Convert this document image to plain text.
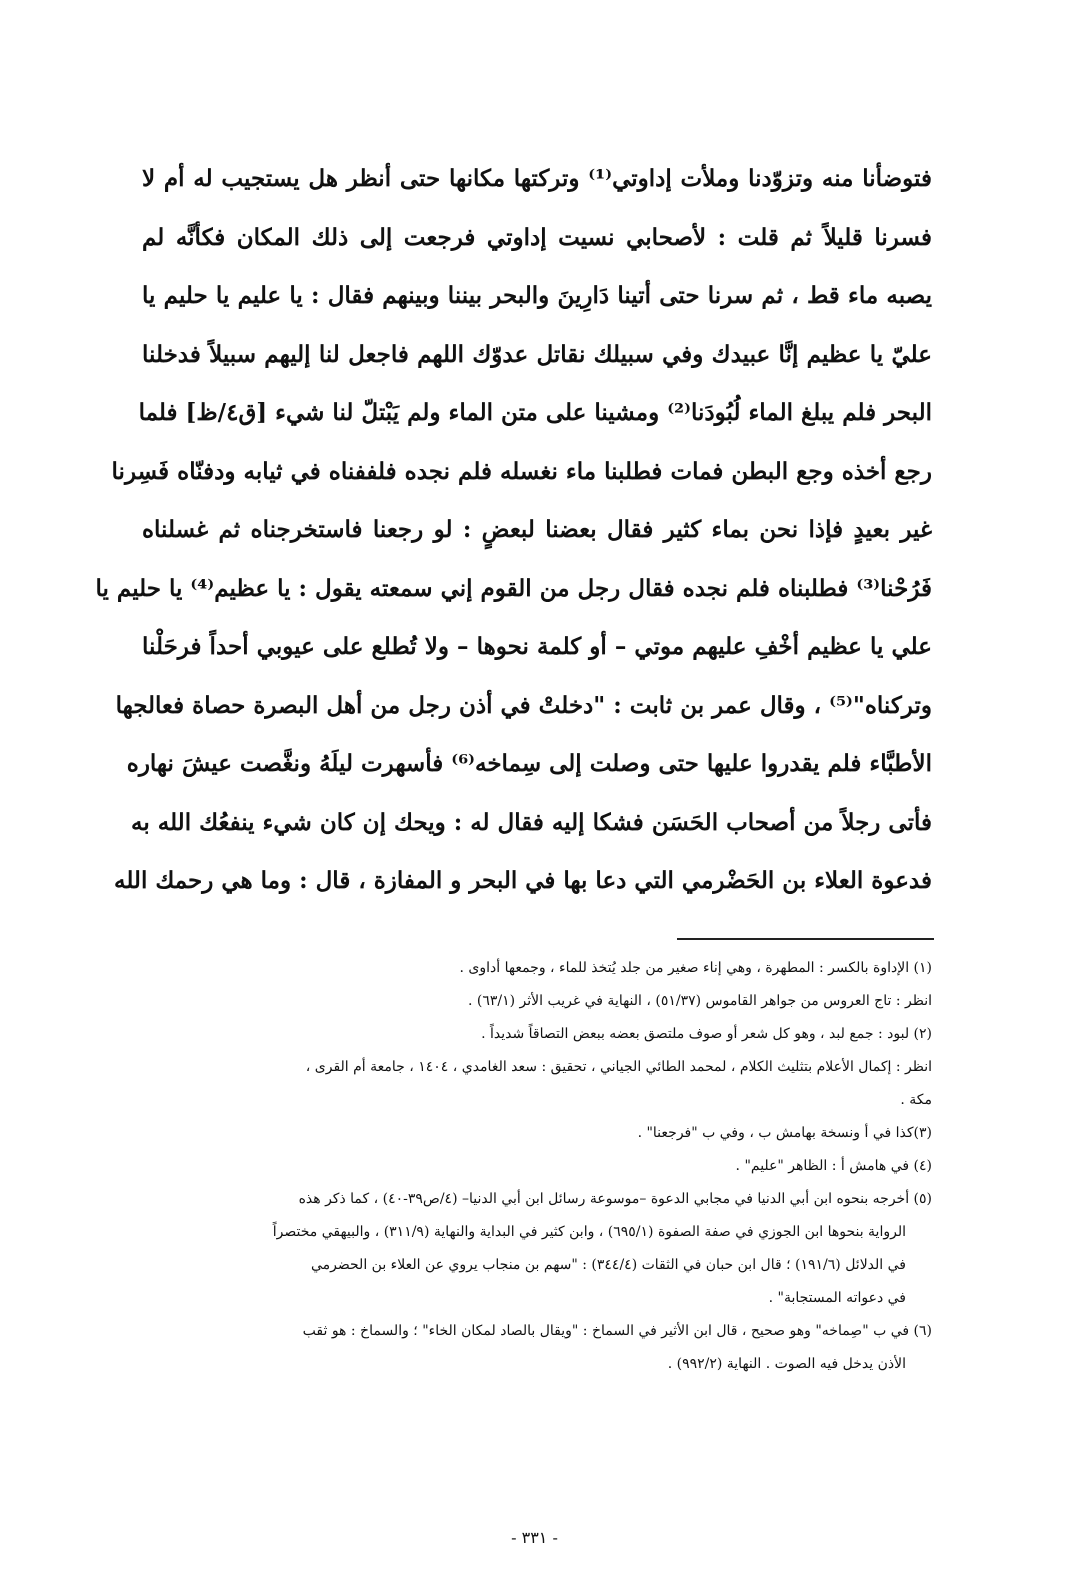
فتوضأنا منه وتزوّدنا وملأت إداوتي⁽¹⁾ وتركتها مكانها حتى أنظر هل يستجيب له أم لا
فسرنا قليلاً ثم قلت : لأصحابي نسيت إداوتي فرجعت إلى ذلك المكان فكأنَّه لم
يصبه ماء قط ، ثم سرنا حتى أتينا دَارِينَ والبحر بيننا وبينهم فقال : يا عليم يا حليم يا
عليّ يا عظيم إنَّا عبيدك وفي سبيلك نقاتل عدوّك اللهم فاجعل لنا إليهم سبيلاً فدخلنا
البحر فلم يبلغ الماء لُبُودَنا⁽²⁾ ومشينا على متن الماء ولم يَبْتلّ لنا شيء [ق٤/ظ] فلما
رجع أخذه وجع البطن فمات فطلبنا ماء نغسله فلم نجده فلففناه في ثيابه ودفنّاه فَسِرنا
غير بعيدٍ فإذا نحن بماء كثير فقال بعضنا لبعضٍ : لو رجعنا فاستخرجناه ثم غسلناه
فَرُحْنا⁽³⁾ فطلبناه فلم نجده فقال رجل من القوم إني سمعته يقول : يا عظيم⁽⁴⁾ يا حليم يا
علي يا عظيم أخْفِ عليهم موتي – أو كلمة نحوها – ولا تُطلع على عيوبي أحداً فرحَلْنا
وتركناه"⁽⁵⁾ ، وقال عمر بن ثابت : "دخلتْ في أذن رجل من أهل البصرة حصاة فعالجها
الأطبَّاء فلم يقدروا عليها حتى وصلت إلى سِماخه⁽⁶⁾ فأسهرت ليلَهُ ونغَّصت عيشَ نهاره
فأتى رجلاً من أصحاب الحَسَن فشكا إليه فقال له : ويحك إن كان شيء ينفعُك الله به
فدعوة العلاء بن الحَضْرمي التي دعا بها في البحر و المفازة ، قال : وما هي رحمك الله
(١) الإداوة بالكسر : المطهرة ، وهي إناء صغير من جلد يُتخذ للماء ، وجمعها أداوى .
انظر : تاج العروس من جواهر القاموس (٥١/٣٧) ، النهاية في غريب الأثر (٦٣/١) .
(٢) لبود : جمع لبد ، وهو كل شعر أو صوف ملتصق بعضه ببعض التصاقاً شديداً .
انظر : إكمال الأعلام بتثليث الكلام ، لمحمد الطائي الجياني ، تحقيق : سعد الغامدي ، ١٤٠٤ ، جامعة أم القرى ،
مكة .
(٣)كذا في أ ونسخة بهامش ب ، وفي ب "فرجعنا" .
(٤) في هامش أ : الظاهر "عليم" .
(٥) أخرجه بنحوه ابن أبي الدنيا في مجابي الدعوة –موسوعة رسائل ابن أبي الدنيا– (٤/ص٣٩-٤٠) ، كما ذكر هذه
الرواية بنحوها ابن الجوزي في صفة الصفوة (٦٩٥/١) ، وابن كثير في البداية والنهاية (٣١١/٩) ، والبيهقي مختصراً
في الدلائل (١٩١/٦) ؛ قال ابن حبان في الثقات (٣٤٤/٤) : "سهم بن منجاب يروي عن العلاء بن الحضرمي
في دعواته المستجابة" .
(٦) في ب "صِماخه" وهو صحيح ، قال ابن الأثير في السماخ : "ويقال بالصاد لمكان الخاء" ؛ والسماخ : هو ثقب
الأذن يدخل فيه الصوت . النهاية (٩٩٢/٢) .
- ٣٣١ -
